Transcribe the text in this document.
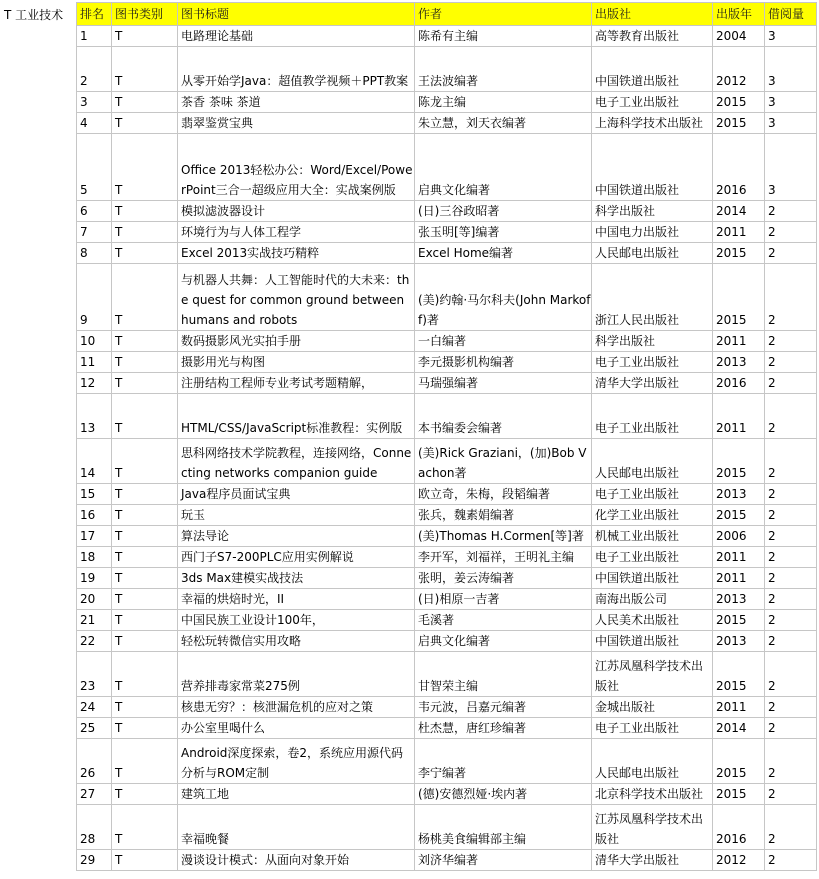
T 工业技术 排名	图书类别	图书标题	作者	出版社	出版年	借阅量
1	T	电路理论基础	陈希有主编	高等教育出版社	2004	3
2	T	从零开始学Java：超值教学视频＋PPT教案	王法波编著	中国铁道出版社	2012	3
3	T	茶香 茶味 茶道	陈龙主编	电子工业出版社	2015	3
4	T	翡翠鉴赏宝典	朱立慧，刘天衣编著	上海科学技术出版社	2015	3
5	T	Office 2013轻松办公：Word/Excel/PowerPoint三合一超级应用大全：实战案例版	启典文化编著	中国铁道出版社	2016	3
6	T	模拟滤波器设计	(日)三谷政昭著	科学出版社	2014	2
7	T	环境行为与人体工程学	张玉明[等]编著	中国电力出版社	2011	2
8	T	Excel 2013实战技巧精粹	Excel Home编著	人民邮电出版社	2015	2
9	T	与机器人共舞：人工智能时代的大未来：the quest for common ground between humans and robots	(美)约翰·马尔科夫(John Markoff)著	浙江人民出版社	2015	2
10	T	数码摄影风光实拍手册	一白编著	科学出版社	2011	2
11	T	摄影用光与构图	李元摄影机构编著	电子工业出版社	2013	2
12	T	注册结构工程师专业考试考题精解，	马瑞强编著	清华大学出版社	2016	2
13	T	HTML/CSS/JavaScript标准教程：实例版	本书编委会编著	电子工业出版社	2011	2
14	T	思科网络技术学院教程，连接网络，Connecting networks companion guide	(美)Rick Graziani，(加)Bob Vachon著	人民邮电出版社	2015	2
15	T	Java程序员面试宝典	欧立奇，朱梅，段韬编著	电子工业出版社	2013	2
16	T	玩玉	张兵，魏素娟编著	化学工业出版社	2015	2
17	T	算法导论	(美)Thomas H.Cormen[等]著	机械工业出版社	2006	2
18	T	西门子S7-200PLC应用实例解说	李开军，刘福祥，王明礼主编	电子工业出版社	2011	2
19	T	3ds Max建模实战技法	张明，姜云涛编著	中国铁道出版社	2011	2
20	T	幸福的烘焙时光，II	(日)相原一吉著	南海出版公司	2013	2
21	T	中国民族工业设计100年，	毛溪著	人民美术出版社	2015	2
22	T	轻松玩转微信实用攻略	启典文化编著	中国铁道出版社	2013	2
23	T	营养排毒家常菜275例	甘智荣主编	江苏凤凰科学技术出版社	2015	2
24	T	核患无穷？：核泄漏危机的应对之策	韦元波，吕嘉元编著	金城出版社	2011	2
25	T	办公室里喝什么	杜杰慧，唐红珍编著	电子工业出版社	2014	2
26	T	Android深度探索，卷2，系统应用源代码分析与ROM定制	李宁编著	人民邮电出版社	2015	2
27	T	建筑工地	(德)安德烈娅·埃内著	北京科学技术出版社	2015	2
28	T	幸福晚餐	杨桃美食编辑部主编	江苏凤凰科学技术出版社	2016	2
29	T	漫谈设计模式：从面向对象开始	刘济华编著	清华大学出版社	2012	2
